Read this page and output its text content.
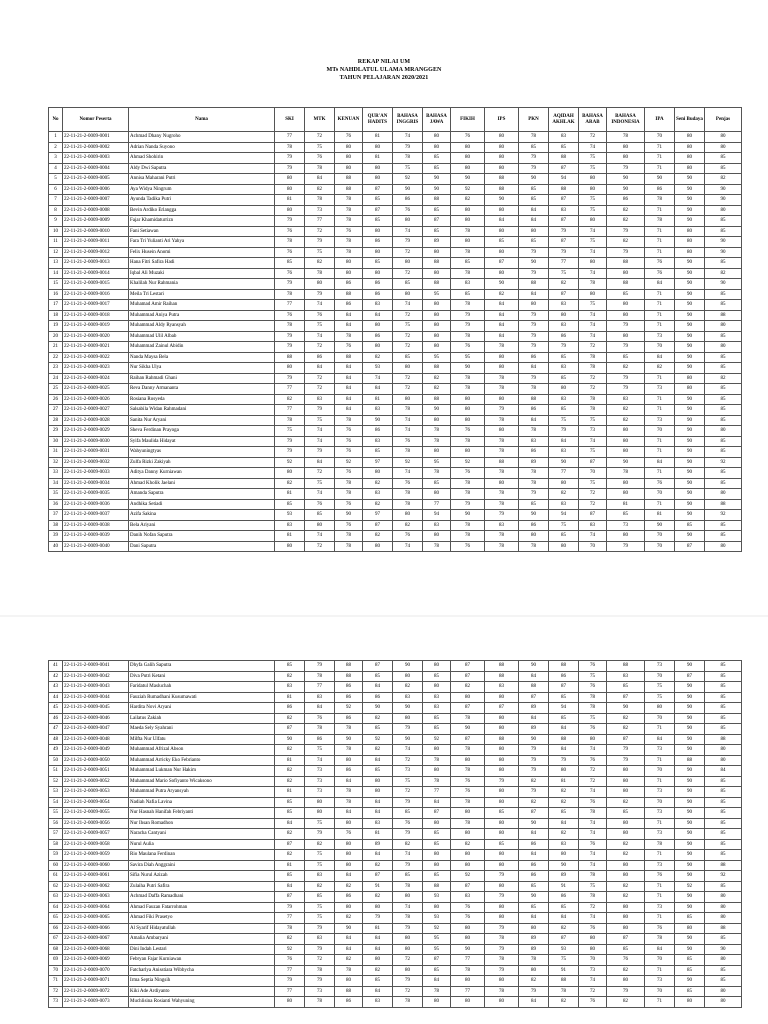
REKAP NILAI UM
MTs NAHDLATUL ULAMA MRANGGEN
TAHUN PELAJARAN 2020/2021
No	Nomor Peserta	Nama	SKI	MTK	KENUAN	QUR'AN HADITS	BAHASA INGGRIS	BAHASA JAWA	FIKIH	IPS	PKN	AQIDAH AKHLAK	BAHASA ARAB	BAHASA INDONESIA	IPA	Seni Budaya	Penjas
1	22-11-21-2-0009-0001	Achmad Dhany Nugroho	77	72	76	81	74	80	76	80	78	83	72	78	70	80	80
2	22-11-21-2-0009-0002	Adrian Nanda Suyono	78	75	80	80	79	80	80	80	85	85	74	80	71	80	80
3	22-11-21-2-0009-0003	Ahmad Shohirin	79	76	80	81	78	85	80	80	79	88	75	80	71	80	85
4	22-11-21-2-0009-0004	Aldy Dwi Saputra	79	78	80	80	75	85	80	80	79	87	75	79	71	80	85
5	22-11-21-2-0009-0005	Annisa Maharani Putri	80	84	88	80	92	90	90	88	90	94	80	90	90	90	82
6	22-11-21-2-0009-0006	Aya Widya Ningrum	80	82	88	87	90	90	92	88	85	88	80	90	86	90	90
7	22-11-21-2-0009-0007	Ayunda Tadika Putri	81	78	78	85	86	88	82	90	85	87	75	86	78	90	90
8	22-11-21-2-0009-0008	Bevin Ardiko Erlangga	80	73	78	87	76	85	80	80	84	83	75	82	71	90	80
9	22-11-21-2-0009-0009	Fajar Khamidaturrizn	79	77	78	85	80	87	80	84	84	87	80	82	78	90	85
10	22-11-21-2-0009-0010	Fani Setiawan	76	72	76	80	74	85	78	80	80	79	74	79	71	80	85
11	22-11-21-2-0009-0011	Fara Tri Yulianti Ari Yahya	78	79	78	86	79	89	80	85	85	87	75	82	71	80	90
12	22-11-21-2-0009-0012	Felix Husein Anomi	76	75	78	80	72	80	78	80	79	79	74	79	71	80	90
13	22-11-21-2-0009-0013	Hana Fitri Safira Hadi	85	82	80	85	80	88	85	87	90	77	80	88	76	90	85
14	22-11-21-2-0009-0014	Iqbal Ali Muzaki	76	78	80	80	72	80	78	80	79	75	74	80	76	90	82
15	22-11-21-2-0009-0015	Khalilah Nur Rahmania	79	80	86	86	85	88	83	90	88	82	78	88	84	90	90
16	22-11-21-2-0009-0016	Meila Tri Lestari	78	79	88	86	80	95	85	82	84	87	80	85	71	90	85
17	22-11-21-2-0009-0017	Muhamad Amir Raihan	77	74	86	83	74	80	78	84	80	83	75	80	71	90	85
18	22-11-21-2-0009-0018	Muhammad Aniya Putra	76	76	84	84	72	80	79	84	79	80	74	80	71	90	88
19	22-11-21-2-0009-0019	Muhammad Aldy Ryansyah	78	75	84	80	75	80	79	84	79	83	74	79	71	90	80
20	22-11-21-2-0009-0020	Muhammad Ulil Albab	79	74	78	86	72	80	78	84	79	86	74	80	73	90	85
21	22-11-21-2-0009-0021	Muhammad Zainul Abidin	79	72	76	80	72	80	76	78	79	79	72	79	70	90	80
22	22-11-21-2-0009-0022	Nanda Maysa Bela	88	86	88	82	85	95	95	80	86	85	78	85	84	90	85
23	22-11-21-2-0009-0023	Nur Sikha Ulya	80	84	84	93	80	88	90	80	84	83	78	82	82	90	85
24	22-11-21-2-0009-0024	Raihan Rahmadi Ghani	79	72	84	74	72	82	78	78	79	85	72	79	71	80	82
25	22-11-21-2-0009-0025	Reva Danny Armananta	77	72	84	84	72	82	78	78	78	80	72	79	73	80	85
26	22-11-21-2-0009-0026	Rosiana Rosyeda	82	83	84	81	80	88	80	80	88	83	78	83	71	90	85
27	22-11-21-2-0009-0027	Salsabila Widan Rahmadani	77	79	84	83	78	90	80	79	86	85	78	82	71	90	85
28	22-11-21-2-0009-0028	Sanita Nur Aryani	78	75	78	90	74	80	80	78	84	75	75	82	73	90	85
29	22-11-21-2-0009-0029	Sheva Ferdinan Prayoga	75	74	76	86	74	78	76	80	78	79	73	80	70	90	80
30	22-11-21-2-0009-0030	Syifa Maulida Hidayat	79	74	76	83	76	78	78	78	83	84	74	80	71	90	85
31	22-11-21-2-0009-0031	Wahyuningtyas	79	79	76	85	78	80	80	78	86	83	75	80	71	90	85
32	22-11-21-2-0009-0032	Zulfa Rizki Zakiyah	92	84	92	97	92	95	92	88	89	90	87	90	84	90	92
33	22-11-21-2-0009-0033	Aditya Danny Kurniawan	80	72	76	80	74	78	76	78	78	77	70	78	71	90	85
34	22-11-21-2-0009-0034	Ahmad Kholik Jaelani	82	75	78	82	76	85	78	80	78	80	75	80	76	90	85
35	22-11-21-2-0009-0035	Amanda Saputra	81	74	78	83	78	80	78	78	79	82	72	80	70	90	80
36	22-11-21-2-0009-0036	Andhika Setiadi	85	76	76	82	78	77	79	78	85	83	72	81	71	90	88
37	22-11-21-2-0009-0037	Azifa Sakina	93	85	90	97	80	94	90	79	90	94	87	85	81	90	92
38	22-11-21-2-0009-0038	Bela Ariyani	83	80	76	87	82	83	78	83	86	75	83	73	90	85	85
39	22-11-21-2-0009-0039	Danih Nofan Saputra	81	74	78	82	76	80	78	78	80	85	74	80	70	90	85
40	22-11-21-2-0009-0040	Dani Saputra	80	72	78	80	74	78	76	78	78	80	70	79	70	87	80
41	22-11-21-2-0009-0041	Dhyfa Galih Saputra	85	79	88	87	90	80	87	88	90	88	76	88	73	90	85
42	22-11-21-2-0009-0042	Diva Putri Ketani	82	78	88	85	80	85	87	88	84	86	75	83	70	87	85
43	22-11-21-2-0009-0043	Faridatul Masluchah	83	77	86	84	82	80	82	83	88	87	76	85	75	90	85
44	22-11-21-2-0009-0044	Fauziah Rumadhani Kusumawati	81	83	86	86	83	83	80	80	87	85	78	87	75	90	85
45	22-11-21-2-0009-0045	Hardita Novi Aryani	86	84	92	90	90	83	87	87	89	94	78	90	80	90	85
46	22-11-21-2-0009-0046	Lailatus Zakiah	82	76	86	82	80	85	78	80	84	85	75	82	70	90	85
47	22-11-21-2-0009-0047	Maeda Sely Syahrani	87	78	78	85	79	85	90	80	89	84	76	82	71	90	85
48	22-11-21-2-0009-0048	Milfta Nur Ulfatu	90	86	90	92	90	92	87	88	90	88	80	87	84	90	88
49	22-11-21-2-0009-0049	Muhammad Afrizal Abson	82	75	78	82	74	80	78	80	79	84	74	79	73	90	80
50	22-11-21-2-0009-0050	Muhammad Arricky Eko Febrianto	81	74	80	84	72	78	80	80	79	79	76	79	71	88	80
51	22-11-21-2-0009-0051	Muhammad Lukman Nur Hakim	82	73	86	85	73	80	78	80	79	80	72	80	70	90	84
52	22-11-21-2-0009-0052	Muhammad Mario Sofiyanto Wicaksono	82	73	84	80	75	78	76	79	82	81	72	80	71	90	85
53	22-11-21-2-0009-0053	Muhammad Putra Aryansyah	81	73	78	80	72	77	76	80	79	82	74	80	73	90	85
54	22-11-21-2-0009-0054	Nadiah Nafia Lavina	85	80	78	84	79	84	78	80	82	82	76	82	70	90	85
55	22-11-21-2-0009-0055	Nur Hasnah Hanifah Febriyanti	85	80	84	84	85	87	80	85	87	85	78	85	73	90	85
56	22-11-21-2-0009-0056	Nur Ihsan Romadhon	84	75	80	83	76	80	78	80	90	84	74	80	71	90	85
57	22-11-21-2-0009-0057	Naracha Cantyani	82	79	76	81	79	85	80	80	84	82	74	80	73	90	85
58	22-11-21-2-0009-0058	Nurul Aulia	87	82	80	89	82	85	82	85	86	83	76	82	78	90	85
59	22-11-21-2-0009-0059	Rio Maulana Ferdinan	82	75	80	84	74	80	80	80	84	80	74	82	71	90	85
60	22-11-21-2-0009-0060	Savira Diah Anggraini	81	75	80	82	79	80	80	80	86	90	74	80	73	90	88
61	22-11-21-2-0009-0061	Sifia Nurul Azizah	85	83	84	87	85	85	92	79	86	89	78	80	76	90	92
62	22-11-21-2-0009-0062	Zulaiha Putri Safira	84	82	82	91	78	88	87	80	85	91	75	82	71	92	85
63	22-11-21-2-0009-0063	Achmad Daffa Ramadhani	87	85	86	82	80	93	83	79	90	86	78	82	71	90	80
64	22-11-21-2-0009-0064	Ahmad Fauzan Fatarrohman	79	75	80	80	74	80	76	80	85	85	72	80	73	90	80
65	22-11-21-2-0009-0065	Ahmad Fiki Prasetyo	77	75	82	79	78	93	76	80	84	84	74	80	71	85	80
66	22-11-21-2-0009-0066	Al Syarif Hidayatullah	78	79	90	81	79	92	80	79	80	82	76	80	76	80	88
67	22-11-21-2-0009-0067	Amalia Ambaryani	82	83	84	84	80	95	80	78	89	87	80	87	78	90	85
68	22-11-21-2-0009-0068	Dini Indah Lestari	92	79	84	84	80	95	90	79	89	93	80	85	84	90	90
69	22-11-21-2-0009-0069	Febryan Fajar Kurniawan	76	72	82	80	72	87	77	78	78	75	70	76	70	85	80
70	22-11-21-2-0009-0070	Fatcharlya Anisstiara Wibbycha	77	78	78	82	80	85	78	79	80	91	73	82	71	85	85
71	22-11-21-2-0009-0071	Irma Septia Ningsih	79	79	80	85	79	84	80	80	82	88	74	80	73	90	85
72	22-11-21-2-0009-0072	Kiki Ade Ardiyanto	77	73	88	84	72	78	77	78	79	78	72	79	70	85	80
73	22-11-21-2-0009-0073	Muchlisina Rosianti Wahyuning	80	78	86	83	78	80	80	80	84	82	76	82	71	80	80
